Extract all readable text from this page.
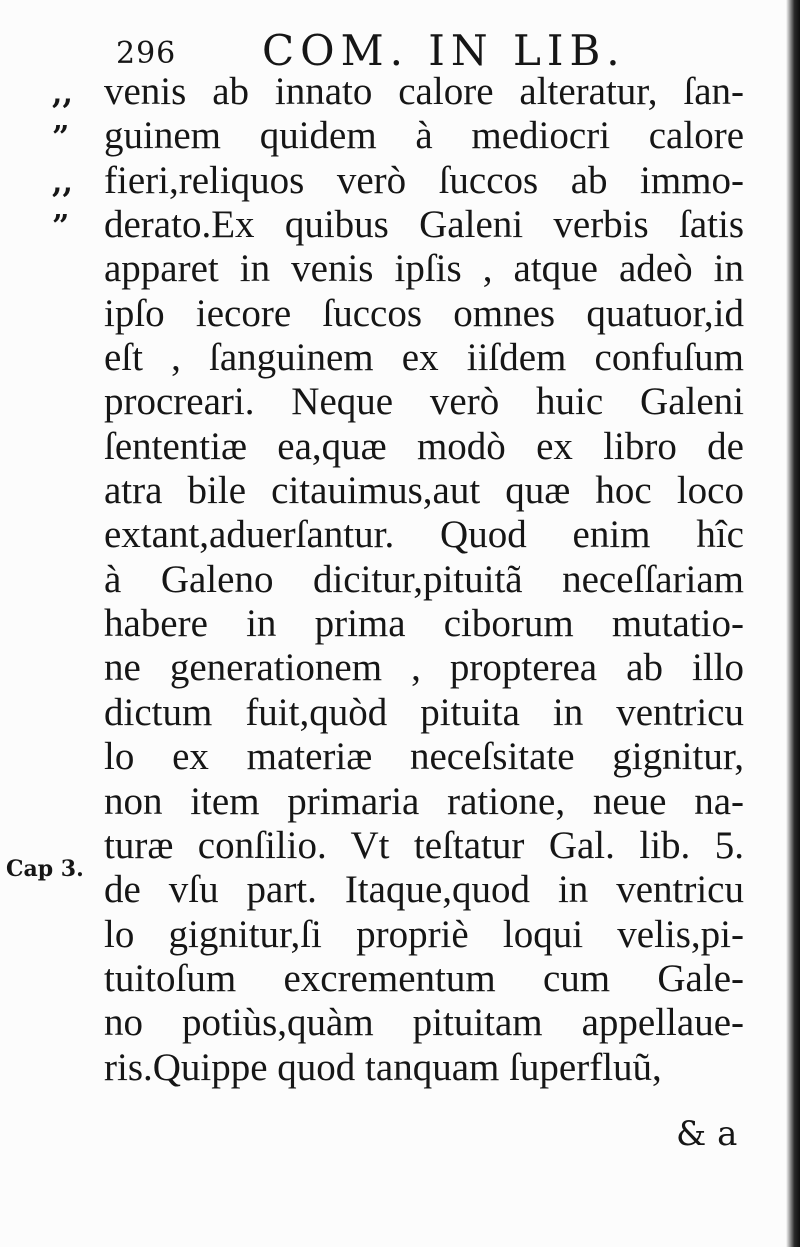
296 COM. IN LIB.
,,
”
,,
”
Cap 3.
venis ab innato calore alteratur, ſan-
guinem quidem à mediocri calore
fieri,reliquos verò ſuccos ab immo-
derato.Ex quibus Galeni verbis ſatis
apparet in venis ipſis , atque adeò in
ipſo iecore ſuccos omnes quatuor,id
eſt , ſanguinem ex iiſdem confuſum
procreari. Neque verò huic Galeni
ſententiæ ea,quæ modò ex libro de
atra bile citauimus,aut quæ hoc loco
extant,aduerſantur. Quod enim hîc
à Galeno dicitur,pituitã neceſſariam
habere in prima ciborum mutatio-
ne generationem , propterea ab illo
dictum fuit,quòd pituita in ventricu
lo ex materiæ neceſsitate gignitur,
non item primaria ratione, neue na-
turæ conſilio. Vt teſtatur Gal. lib. 5.
de vſu part. Itaque,quod in ventricu
lo gignitur,ſi propriè loqui velis,pi-
tuitoſum excrementum cum Gale-
no potiùs,quàm pituitam appellaue-
ris.Quippe quod tanquam ſuperfluũ,
& a
